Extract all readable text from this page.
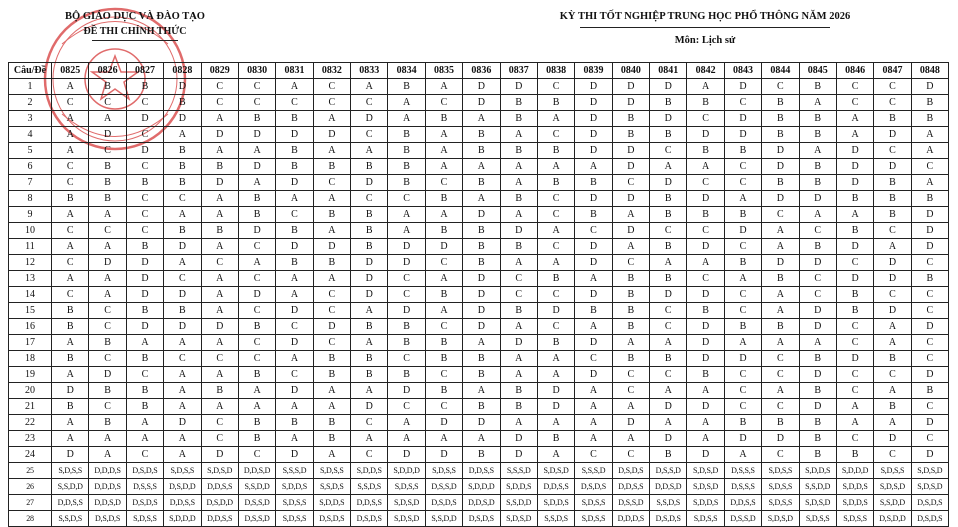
BỘ GIÁO DỤC VÀ ĐÀO TẠO
ĐỀ THI CHÍNH THỨC
KỲ THI TỐT NGHIỆP TRUNG HỌC PHỔ THÔNG NĂM 2026
Môn: Lịch sử
Câu/Đề	0825	0826	0827	0828	0829	0830	0831	0832	0833	0834	0835	0836	0837	0838	0839	0840	0841	0842	0843	0844	0845	0846	0847	0848
1	A	B	B	D	C	C	A	C	A	B	A	D	D	C	D	D	D	A	D	C	B	C	C	D
2	C	C	C	B	C	C	C	C	C	A	C	D	B	B	D	D	B	B	C	B	A	C	C	B
3	A	A	D	D	A	B	B	A	D	A	B	A	B	A	D	B	D	C	D	B	B	A	B	B
4	A	D	C	A	D	D	D	D	C	B	A	B	A	C	D	B	B	D	D	B	B	A	D	A
5	A	C	D	B	A	A	B	A	A	B	A	B	B	B	D	D	C	B	B	D	A	D	C	A
6	C	B	C	B	B	D	B	B	B	B	A	A	A	A	A	D	A	A	C	D	B	D	D	C
7	C	B	B	B	D	A	D	C	D	B	C	B	A	B	B	C	D	C	C	B	B	D	B	A
8	B	B	C	C	A	B	A	A	C	C	B	A	B	C	D	D	B	D	A	D	D	B	B	B
9	A	A	C	A	A	B	C	B	B	A	A	D	A	C	B	A	B	B	B	C	A	A	B	D
10	C	C	C	B	B	D	B	A	B	A	B	B	D	A	C	D	C	C	D	A	C	B	C	D
11	A	A	B	D	A	C	D	D	B	D	D	B	B	C	D	A	B	D	C	A	B	D	A	D
12	C	D	D	A	C	A	B	B	D	D	C	B	A	A	D	C	A	A	B	D	D	C	D	C
13	A	A	D	C	A	C	A	A	D	C	A	D	C	B	A	B	B	C	A	B	C	D	D	B
14	C	A	D	D	A	D	A	C	D	C	B	D	C	C	D	B	D	D	C	A	C	B	C	C
15	B	C	B	B	A	C	D	C	A	D	A	D	B	D	B	B	C	B	C	A	D	B	D	C
16	B	C	D	D	D	B	C	D	B	B	C	D	A	C	A	B	C	D	B	B	D	C	A	D
17	A	B	A	A	A	C	D	C	A	B	B	A	D	B	D	A	A	D	A	A	A	C	A	C
18	B	C	B	C	C	C	A	B	B	C	B	B	A	A	C	B	B	D	D	C	B	D	B	C
19	A	D	C	A	A	B	C	B	B	B	C	B	A	A	D	C	C	B	C	C	D	C	C	D
20	D	B	B	A	B	A	D	A	A	D	B	A	B	D	A	C	A	A	C	A	B	C	A	B
21	B	C	B	A	A	A	A	A	D	C	C	B	B	D	A	A	D	D	C	C	D	A	B	C
22	A	B	A	D	C	B	B	B	C	A	D	D	A	A	A	D	A	A	B	B	B	A	A	D
23	A	A	A	A	C	B	A	B	A	A	A	A	D	B	A	A	D	A	D	D	B	C	D	C
24	D	A	C	A	D	C	D	A	C	D	D	B	D	A	C	C	B	D	A	C	B	B	C	D
25	S,D,S,S	D,D,D,S	D,S,D,S	S,D,S,S	S,D,S,D	D,D,S,D	S,S,S,D	S,D,S,S	S,D,D,S	S,D,D,D	S,D,S,S	D,D,S,S	S,S,S,D	S,D,S,D	S,S,S,D	D,S,D,S	D,S,S,D	S,D,S,D	D,S,S,S	S,D,S,S	S,D,D,S	S,D,D,D	S,D,S,S	S,D,S,D
26	S,S,D,D	D,D,D,S	D,S,S,S	D,S,D,D	D,D,S,S	S,S,D,D	S,D,D,S	S,S,D,S	S,S,D,S	S,D,S,S	D,S,S,D	S,D,D,D	S,D,D,S	D,D,S,S	D,S,D,S	D,D,S,S	D,D,S,D	S,D,S,D	D,S,S,S	S,D,S,S	S,S,D,D	S,D,D,S	S,D,S,D	S,D,S,D
27	D,D,S,S	D,D,S,D	D,S,D,S	D,D,S,S	D,S,D,D	D,S,S,D	S,D,S,S	S,D,D,S	D,D,S,S	S,D,S,D	D,S,D,S	D,D,S,D	S,S,D,D	S,D,D,S	S,D,S,S	D,S,S,D	S,S,D,S	S,D,D,S	D,D,S,S	S,D,S,S	S,D,S,D	S,D,D,S	S,S,D,D	D,S,D,S
28	S,S,D,S	D,S,D,S	S,D,S,S	S,D,D,D	D,D,S,S	D,S,S,D	S,D,S,S	D,S,D,S	D,S,D,S	S,D,S,D	S,S,D,D	D,S,D,S	S,D,S,D	S,S,D,S	S,D,S,S	D,D,D,S	D,S,D,S	S,D,S,S	D,S,S,D	S,D,S,D	S,D,S,S	S,D,S,S	D,S,D,D	D,S,D,S
